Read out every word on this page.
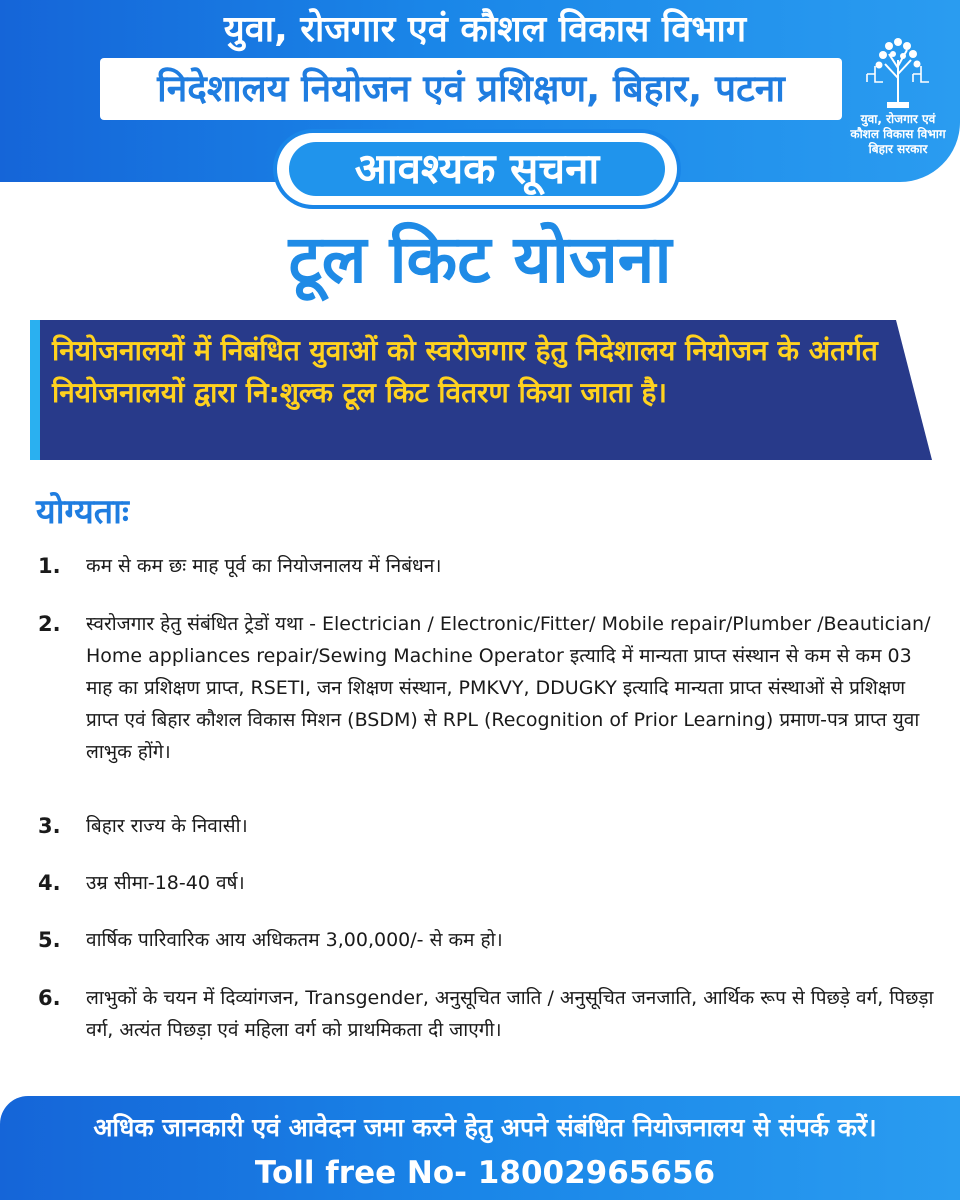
युवा, रोजगार एवं कौशल विकास विभाग
निदेशालय नियोजन एवं प्रशिक्षण, बिहार, पटना
युवा, रोजगार एवं
कौशल विकास विभाग
बिहार सरकार
आवश्यक सूचना
टूल किट योजना
नियोजनालयों में निबंधित युवाओं को स्वरोजगार हेतु निदेशालय नियोजन के अंतर्गत नियोजनालयों द्वारा नि:शुल्क टूल किट वितरण किया जाता है।
योग्यताः
1.	कम से कम छः माह पूर्व का नियोजनालय में निबंधन।
2.	स्वरोजगार हेतु संबंधित ट्रेडों यथा - Electrician / Electronic/Fitter/ Mobile repair/Plumber /Beautician/ Home appliances repair/Sewing Machine Operator इत्यादि में मान्यता प्राप्त संस्थान से कम से कम 03 माह का प्रशिक्षण प्राप्त, RSETI, जन शिक्षण संस्थान, PMKVY, DDUGKY इत्यादि मान्यता प्राप्त संस्थाओं से प्रशिक्षण प्राप्त एवं बिहार कौशल विकास मिशन (BSDM) से RPL (Recognition of Prior Learning) प्रमाण-पत्र प्राप्त युवा लाभुक होंगे।
3.	बिहार राज्य के निवासी।
4.	उम्र सीमा-18-40 वर्ष।
5.	वार्षिक पारिवारिक आय अधिकतम 3,00,000/- से कम हो।
6.	लाभुकों के चयन में दिव्यांगजन, Transgender, अनुसूचित जाति / अनुसूचित जनजाति, आर्थिक रूप से पिछड़े वर्ग, पिछड़ा वर्ग, अत्यंत पिछड़ा एवं महिला वर्ग को प्राथमिकता दी जाएगी।
अधिक जानकारी एवं आवेदन जमा करने हेतु अपने संबंधित नियोजनालय से संपर्क करें।
Toll free No- 18002965656
